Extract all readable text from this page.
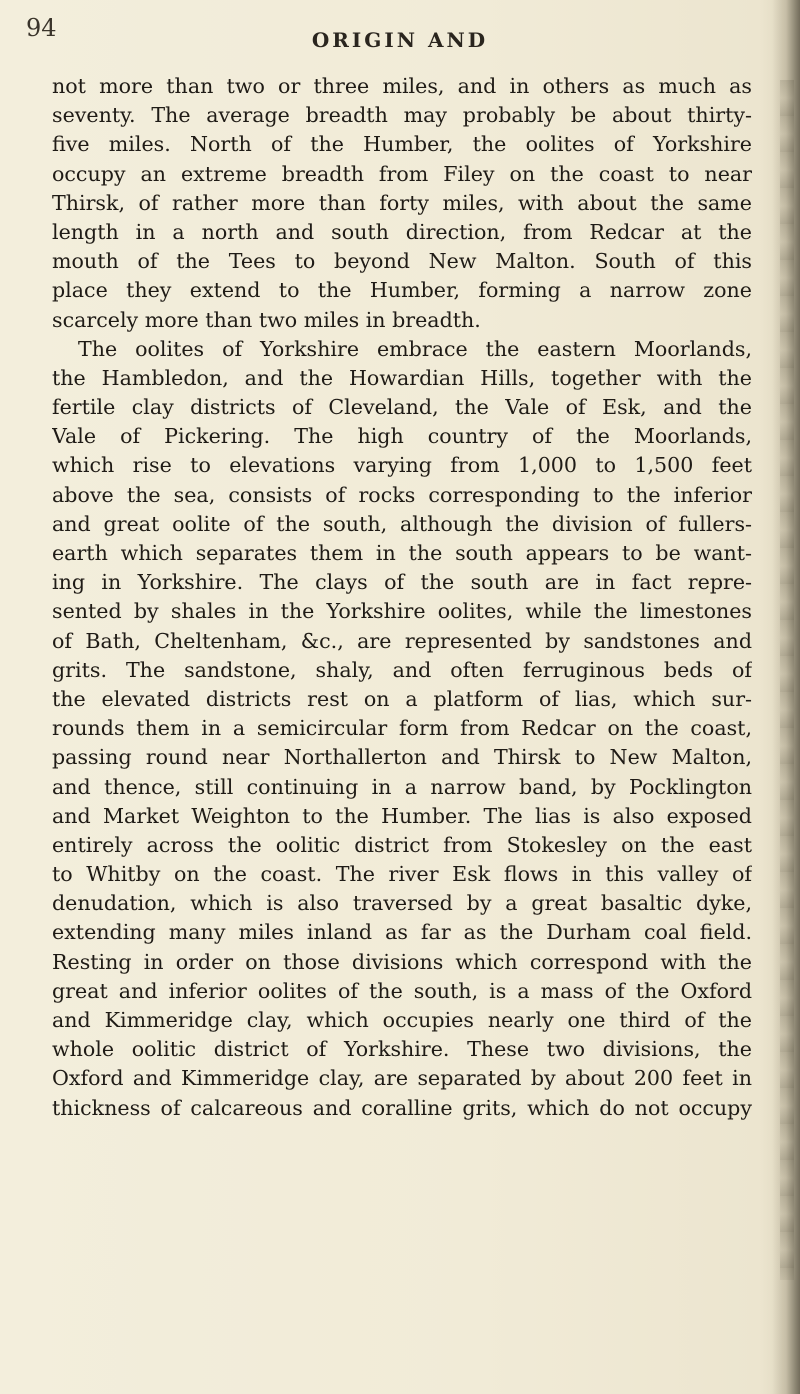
94	ORIGIN AND
not more than two or three miles, and in others as much as
seventy. The average breadth may probably be about thirty-
five miles. North of the Humber, the oolites of Yorkshire
occupy an extreme breadth from Filey on the coast to near
Thirsk, of rather more than forty miles, with about the same
length in a north and south direction, from Redcar at the
mouth of the Tees to beyond New Malton. South of this
place they extend to the Humber, forming a narrow zone
scarcely more than two miles in breadth.
The oolites of Yorkshire embrace the eastern Moorlands,
the Hambledon, and the Howardian Hills, together with the
fertile clay districts of Cleveland, the Vale of Esk, and the
Vale of Pickering. The high country of the Moorlands,
which rise to elevations varying from 1,000 to 1,500 feet
above the sea, consists of rocks corresponding to the inferior
and great oolite of the south, although the division of fullers-
earth which separates them in the south appears to be want-
ing in Yorkshire. The clays of the south are in fact repre-
sented by shales in the Yorkshire oolites, while the limestones
of Bath, Cheltenham, &c., are represented by sandstones and
grits. The sandstone, shaly, and often ferruginous beds of
the elevated districts rest on a platform of lias, which sur-
rounds them in a semicircular form from Redcar on the coast,
passing round near Northallerton and Thirsk to New Malton,
and thence, still continuing in a narrow band, by Pocklington
and Market Weighton to the Humber. The lias is also exposed
entirely across the oolitic district from Stokesley on the east
to Whitby on the coast. The river Esk flows in this valley of
denudation, which is also traversed by a great basaltic dyke,
extending many miles inland as far as the Durham coal field.
Resting in order on those divisions which correspond with the
great and inferior oolites of the south, is a mass of the Oxford
and Kimmeridge clay, which occupies nearly one third of the
whole oolitic district of Yorkshire. These two divisions, the
Oxford and Kimmeridge clay, are separated by about 200 feet in
thickness of calcareous and coralline grits, which do not occupy
